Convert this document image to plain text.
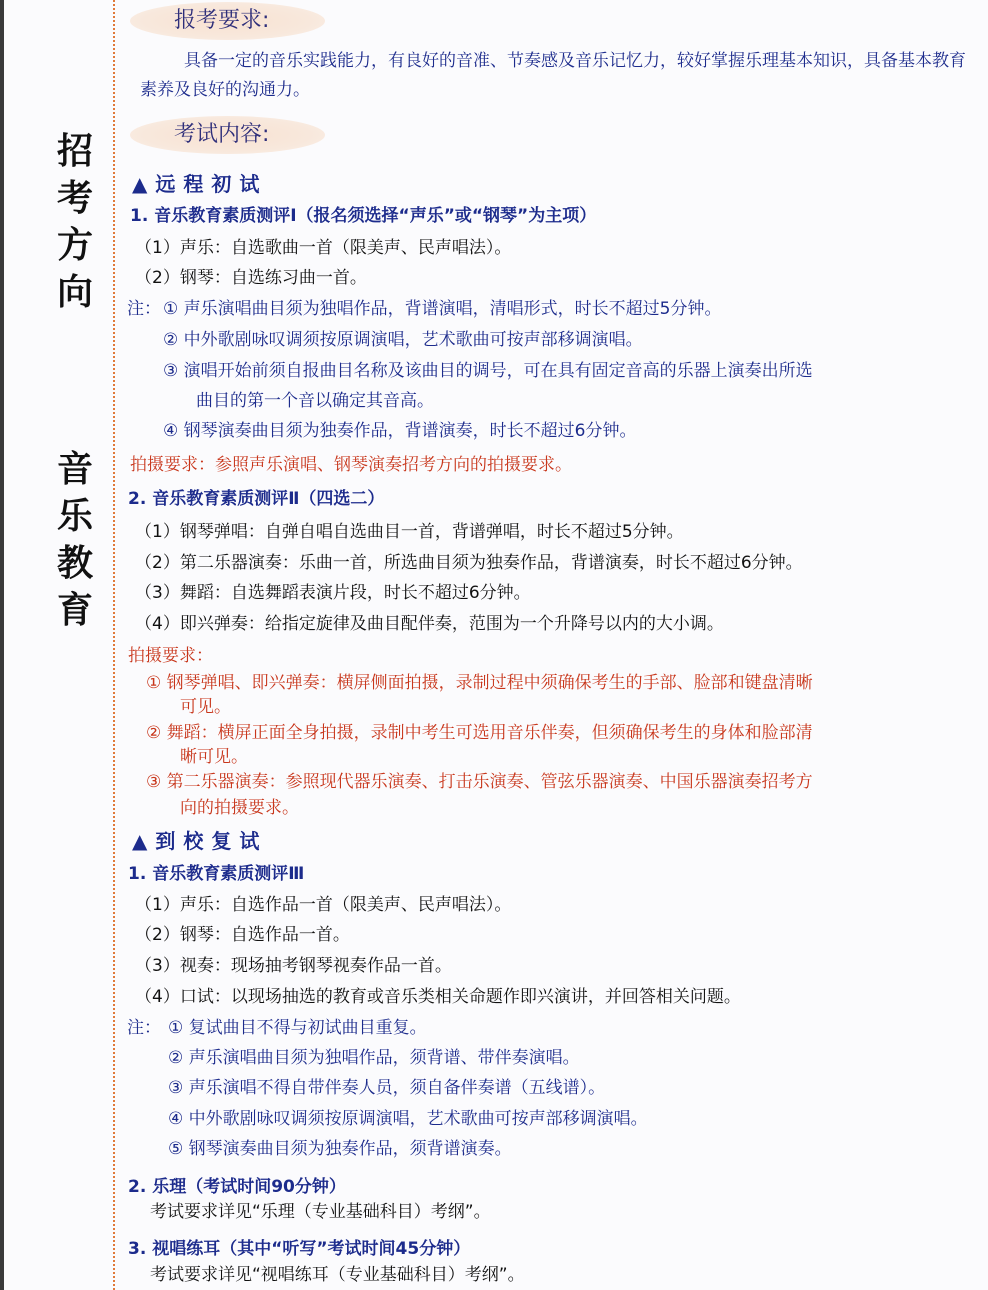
招
考
方
向
音
乐
教
育
报考要求:
具备一定的音乐实践能力，有良好的音准、节奏感及音乐记忆力，较好掌握乐理基本知识，具备基本教育素养及良好的沟通力。
考试内容:
▲远程初试
1. 音乐教育素质测评Ⅰ（报名须选择“声乐”或“钢琴”为主项）
（1）声乐：自选歌曲一首（限美声、民声唱法）。
（2）钢琴：自选练习曲一首。
注： ① 声乐演唱曲目须为独唱作品，背谱演唱，清唱形式，时长不超过5分钟。
② 中外歌剧咏叹调须按原调演唱，艺术歌曲可按声部移调演唱。
③ 演唱开始前须自报曲目名称及该曲目的调号，可在具有固定音高的乐器上演奏出所选
曲目的第一个音以确定其音高。
④ 钢琴演奏曲目须为独奏作品，背谱演奏，时长不超过6分钟。
拍摄要求：参照声乐演唱、钢琴演奏招考方向的拍摄要求。
2. 音乐教育素质测评Ⅱ（四选二）
（1）钢琴弹唱：自弹自唱自选曲目一首，背谱弹唱，时长不超过5分钟。
（2）第二乐器演奏：乐曲一首，所选曲目须为独奏作品，背谱演奏，时长不超过6分钟。
（3）舞蹈：自选舞蹈表演片段，时长不超过6分钟。
（4）即兴弹奏：给指定旋律及曲目配伴奏，范围为一个升降号以内的大小调。
拍摄要求：
① 钢琴弹唱、即兴弹奏：横屏侧面拍摄，录制过程中须确保考生的手部、脸部和键盘清晰
可见。
② 舞蹈：横屏正面全身拍摄，录制中考生可选用音乐伴奏，但须确保考生的身体和脸部清
晰可见。
③ 第二乐器演奏：参照现代器乐演奏、打击乐演奏、管弦乐器演奏、中国乐器演奏招考方
向的拍摄要求。
▲到校复试
1. 音乐教育素质测评Ⅲ
（1）声乐：自选作品一首（限美声、民声唱法）。
（2）钢琴：自选作品一首。
（3）视奏：现场抽考钢琴视奏作品一首。
（4）口试：以现场抽选的教育或音乐类相关命题作即兴演讲，并回答相关问题。
注： ① 复试曲目不得与初试曲目重复。
② 声乐演唱曲目须为独唱作品，须背谱、带伴奏演唱。
③ 声乐演唱不得自带伴奏人员，须自备伴奏谱（五线谱）。
④ 中外歌剧咏叹调须按原调演唱，艺术歌曲可按声部移调演唱。
⑤ 钢琴演奏曲目须为独奏作品，须背谱演奏。
2. 乐理（考试时间90分钟）
考试要求详见“乐理（专业基础科目）考纲”。
3. 视唱练耳（其中“听写”考试时间45分钟）
考试要求详见“视唱练耳（专业基础科目）考纲”。
